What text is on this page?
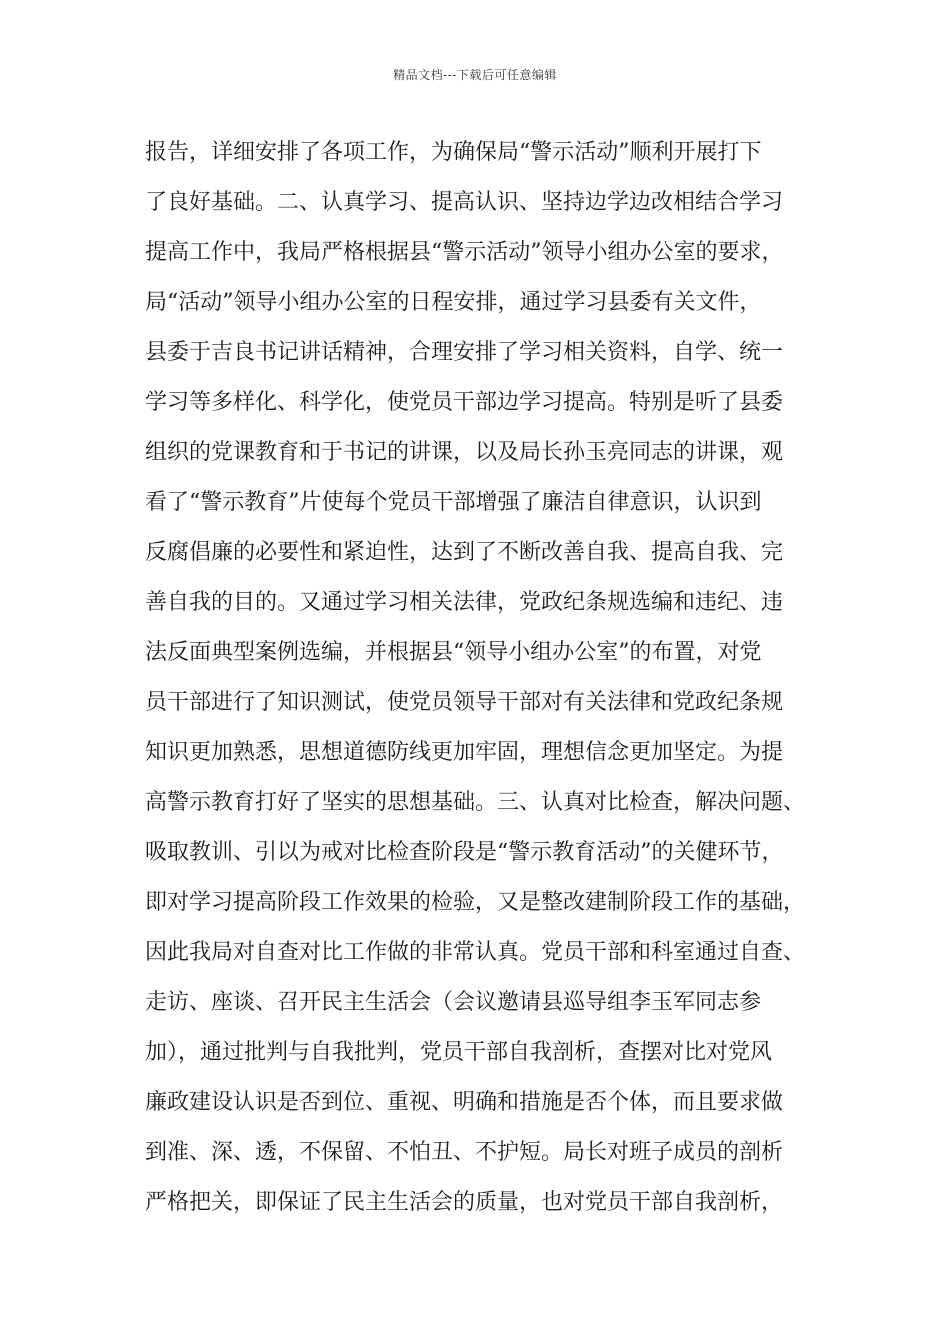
精品文档---下载后可任意编辑
报告，详细安排了各项工作，为确保局“警示活动”顺利开展打下
了良好基础。二、认真学习、提高认识、坚持边学边改相结合学习
提高工作中，我局严格根据县“警示活动”领导小组办公室的要求，
局“活动”领导小组办公室的日程安排，通过学习县委有关文件，
县委于吉良书记讲话精神，合理安排了学习相关资料，自学、统一
学习等多样化、科学化，使党员干部边学习提高。特别是听了县委
组织的党课教育和于书记的讲课，以及局长孙玉亮同志的讲课，观
看了“警示教育”片使每个党员干部增强了廉洁自律意识，认识到
反腐倡廉的必要性和紧迫性，达到了不断改善自我、提高自我、完
善自我的目的。又通过学习相关法律，党政纪条规选编和违纪、违
法反面典型案例选编，并根据县“领导小组办公室”的布置，对党
员干部进行了知识测试，使党员领导干部对有关法律和党政纪条规
知识更加熟悉，思想道德防线更加牢固，理想信念更加坚定。为提
高警示教育打好了坚实的思想基础。三、认真对比检查，解决问题、
吸取教训、引以为戒对比检查阶段是“警示教育活动”的关健环节，
即对学习提高阶段工作效果的检验，又是整改建制阶段工作的基础，
因此我局对自查对比工作做的非常认真。党员干部和科室通过自查、
走访、座谈、召开民主生活会（会议邀请县巡导组李玉军同志参
加），通过批判与自我批判，党员干部自我剖析，查摆对比对党风
廉政建设认识是否到位、重视、明确和措施是否个体，而且要求做
到准、深、透，不保留、不怕丑、不护短。局长对班子成员的剖析
严格把关，即保证了民主生活会的质量，也对党员干部自我剖析，
